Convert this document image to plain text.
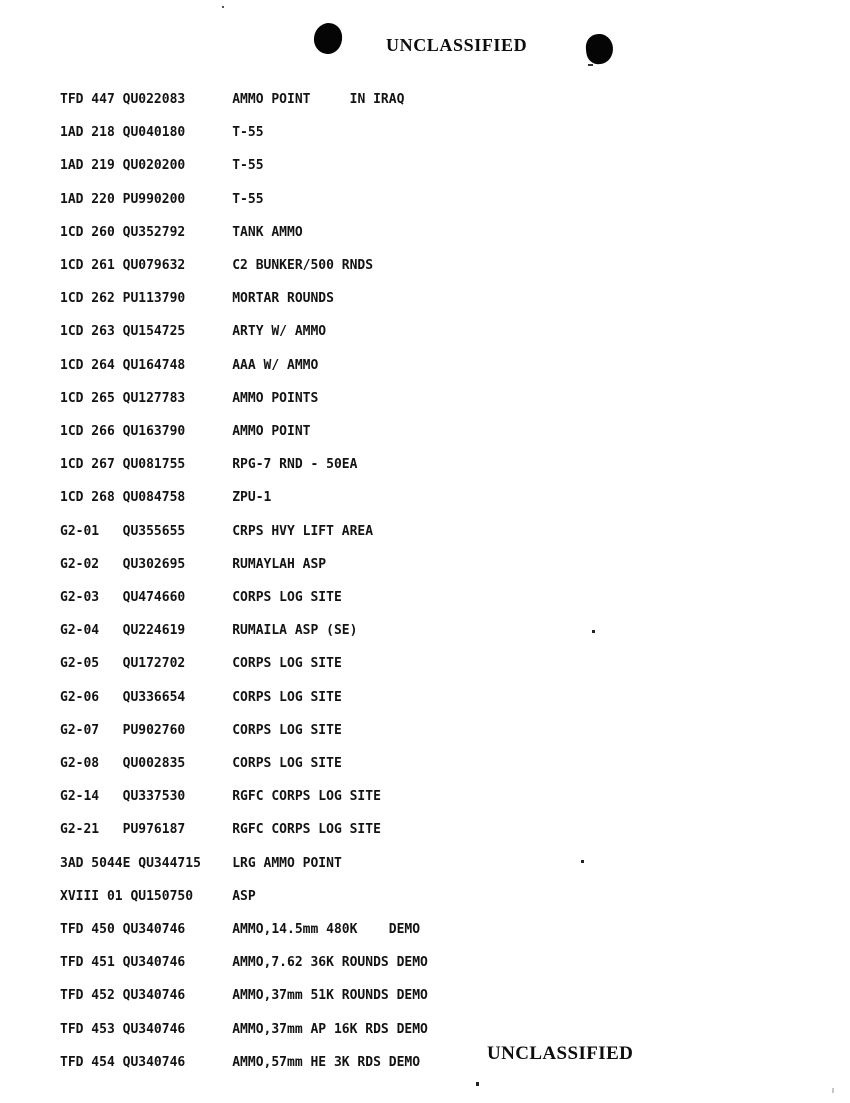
UNCLASSIFIED
TFD 447 QU022083      AMMO POINT     IN IRAQ
1AD 218 QU040180      T-55
1AD 219 QU020200      T-55
1AD 220 PU990200      T-55
1CD 260 QU352792      TANK AMMO
1CD 261 QU079632      C2 BUNKER/500 RNDS
1CD 262 PU113790      MORTAR ROUNDS
1CD 263 QU154725      ARTY W/ AMMO
1CD 264 QU164748      AAA W/ AMMO
1CD 265 QU127783      AMMO POINTS
1CD 266 QU163790      AMMO POINT
1CD 267 QU081755      RPG-7 RND - 50EA
1CD 268 QU084758      ZPU-1
G2-01   QU355655      CRPS HVY LIFT AREA
G2-02   QU302695      RUMAYLAH ASP
G2-03   QU474660      CORPS LOG SITE
G2-04   QU224619      RUMAILA ASP (SE)
G2-05   QU172702      CORPS LOG SITE
G2-06   QU336654      CORPS LOG SITE
G2-07   PU902760      CORPS LOG SITE
G2-08   QU002835      CORPS LOG SITE
G2-14   QU337530      RGFC CORPS LOG SITE
G2-21   PU976187      RGFC CORPS LOG SITE
3AD 5044E QU344715    LRG AMMO POINT
XVIII 01 QU150750     ASP
TFD 450 QU340746      AMMO,14.5mm 480K    DEMO
TFD 451 QU340746      AMMO,7.62 36K ROUNDS DEMO
TFD 452 QU340746      AMMO,37mm 51K ROUNDS DEMO
TFD 453 QU340746      AMMO,37mm AP 16K RDS DEMO
TFD 454 QU340746      AMMO,57mm HE 3K RDS DEMO	UNCLASSIFIED
